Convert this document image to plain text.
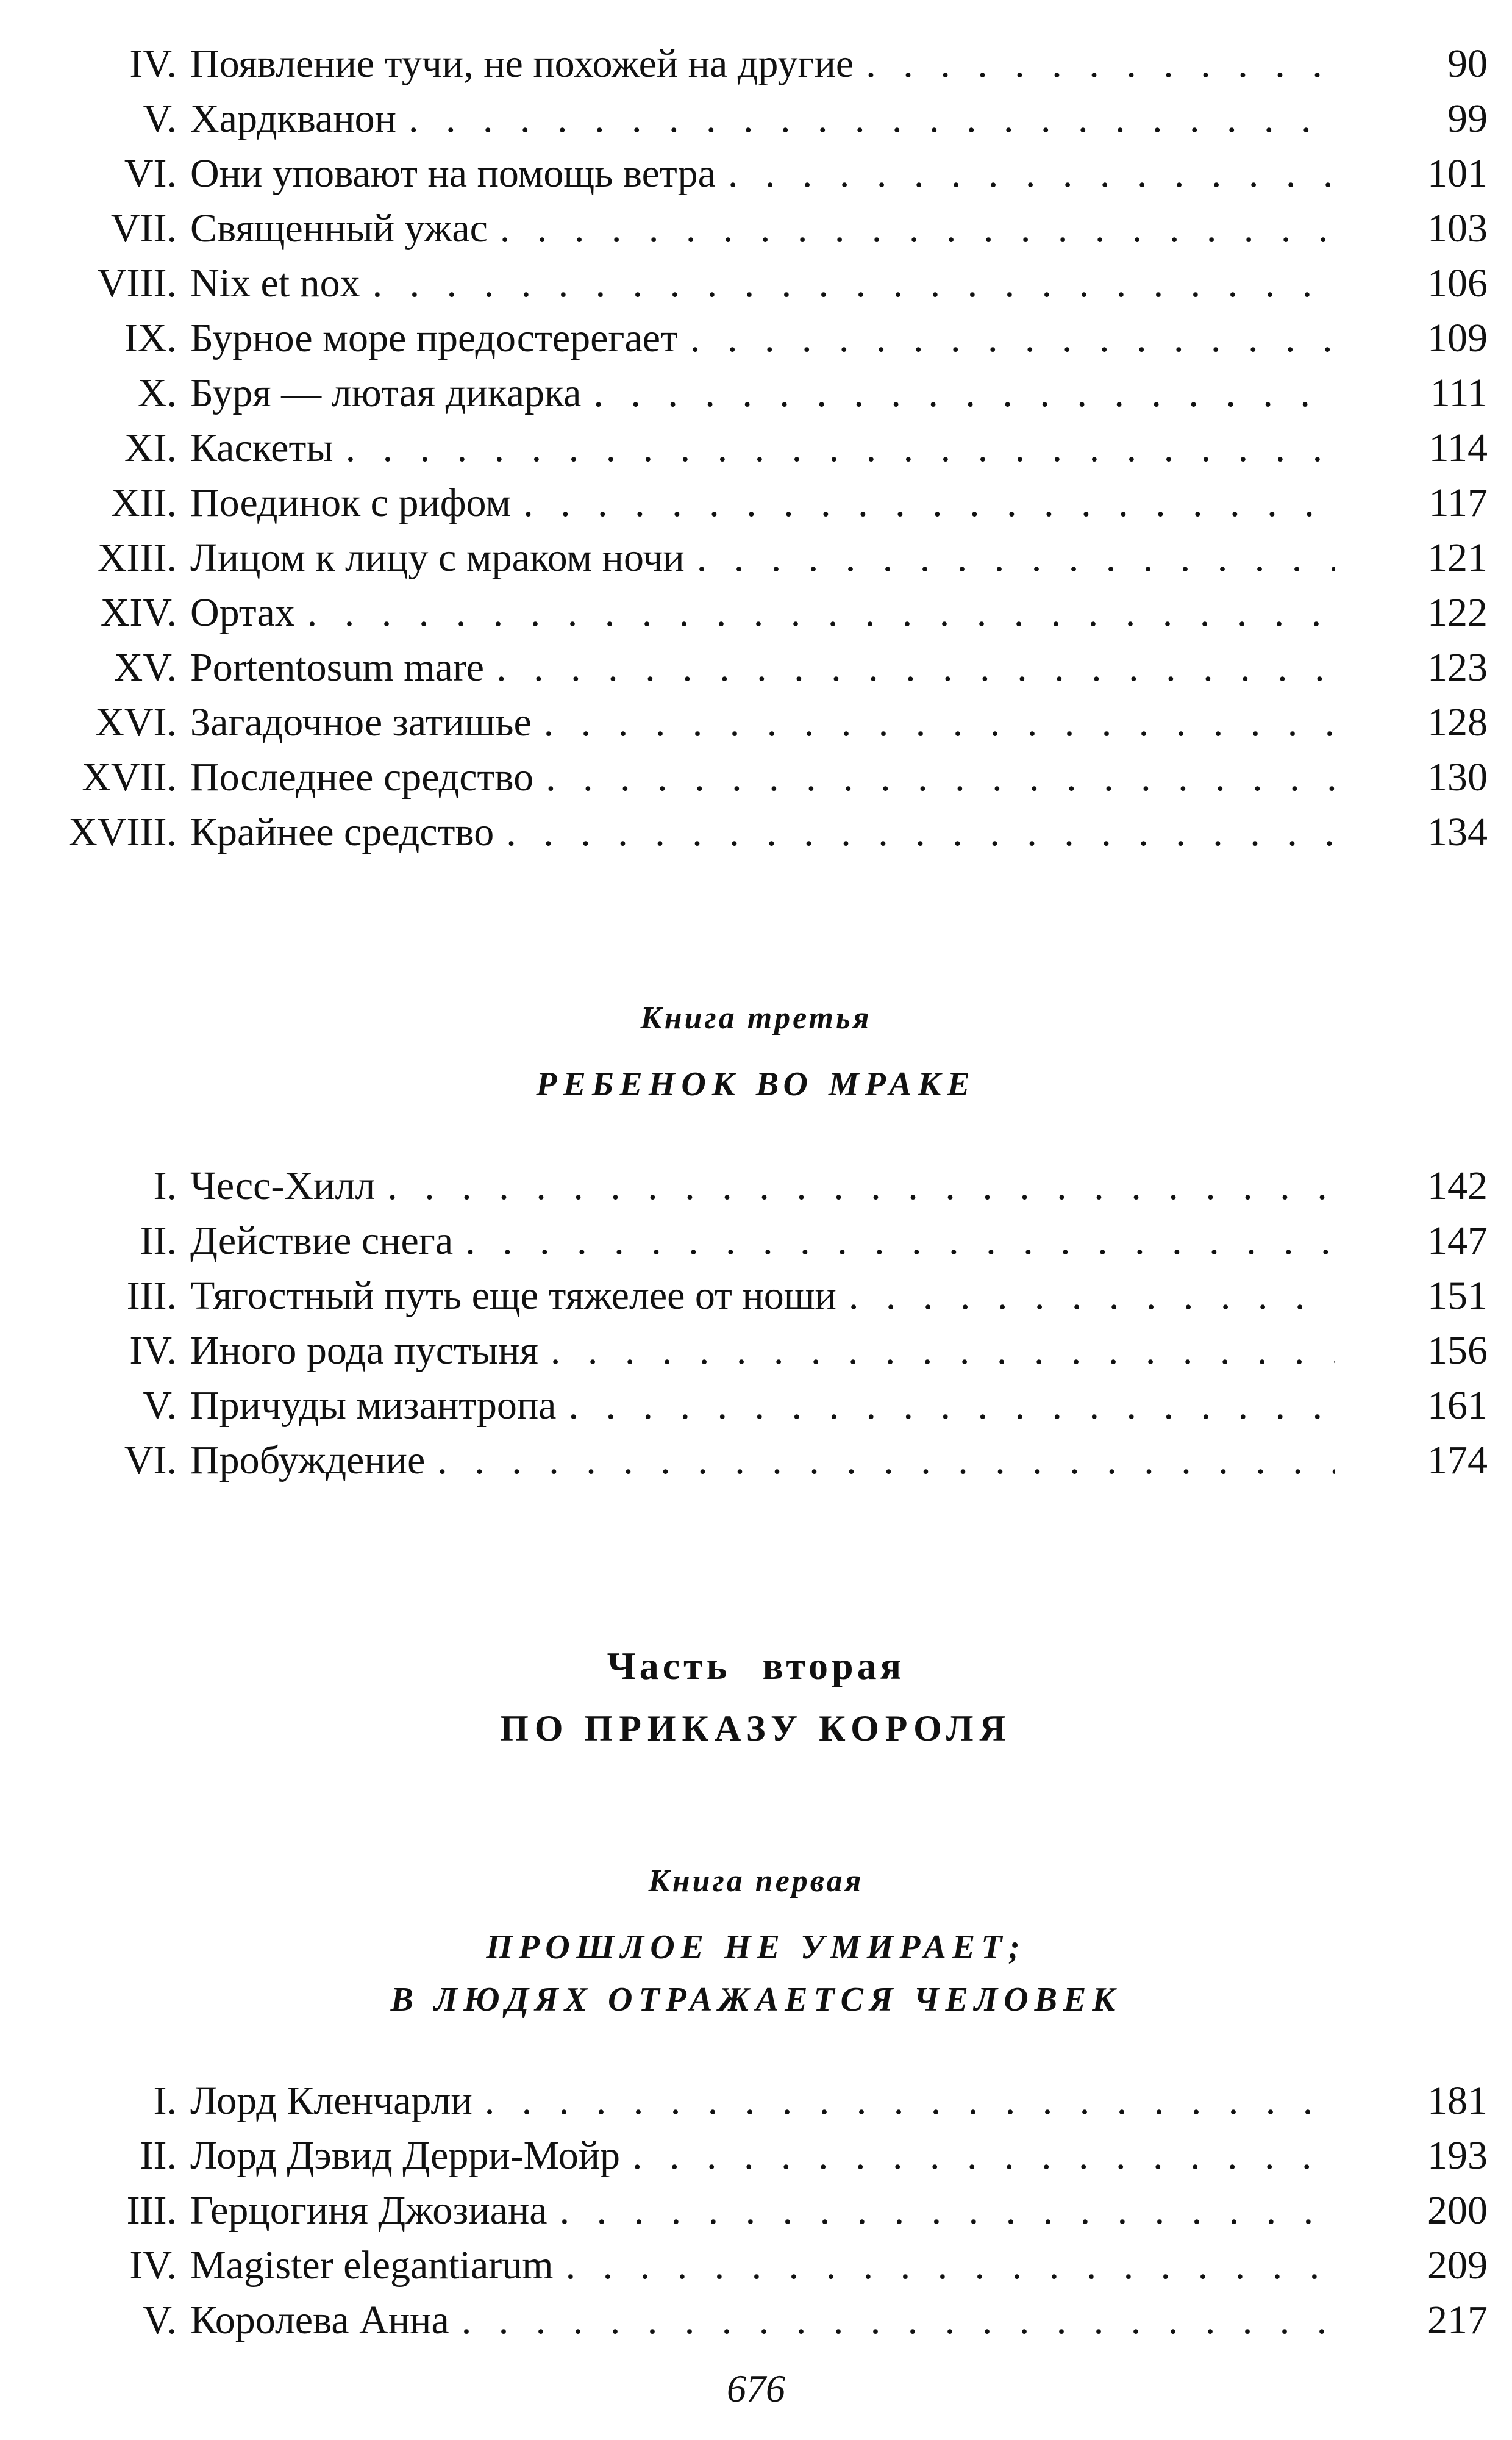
IV. Появление тучи, не похожей на другие . . .	90
V. Хардкванон . . .	99
VI. Они уповают на помощь ветра . . .	101
VII. Священный ужас . . .	103
VIII. Nix et nox . . .	106
IX. Бурное море предостерегает . . .	109
X. Буря — лютая дикарка . . .	111
XI. Каскеты . . .	114
XII. Поединок с рифом . . .	117
XIII. Лицом к лицу с мраком ночи . . .	121
XIV. Ортах . . .	122
XV. Portentosum mare . . .	123
XVI. Загадочное затишье . . .	128
XVII. Последнее средство . . .	130
XVIII. Крайнее средство . . .	134
Книга третья
РЕБЕНОК ВО МРАКЕ
I. Чесс-Хилл . . .	142
II. Действие снега . . .	147
III. Тягостный путь еще тяжелее от ноши . . .	151
IV. Иного рода пустыня . . .	156
V. Причуды мизантропа . . .	161
VI. Пробуждение . . .	174
Часть вторая
ПО ПРИКАЗУ КОРОЛЯ
Книга первая
ПРОШЛОЕ НЕ УМИРАЕТ;
В ЛЮДЯХ ОТРАЖАЕТСЯ ЧЕЛОВЕК
I. Лорд Кленчарли . . .	181
II. Лорд Дэвид Дерри-Мойр . . .	193
III. Герцогиня Джозиана . . .	200
IV. Magister elegantiarum . . .	209
V. Королева Анна . . .	217
676
